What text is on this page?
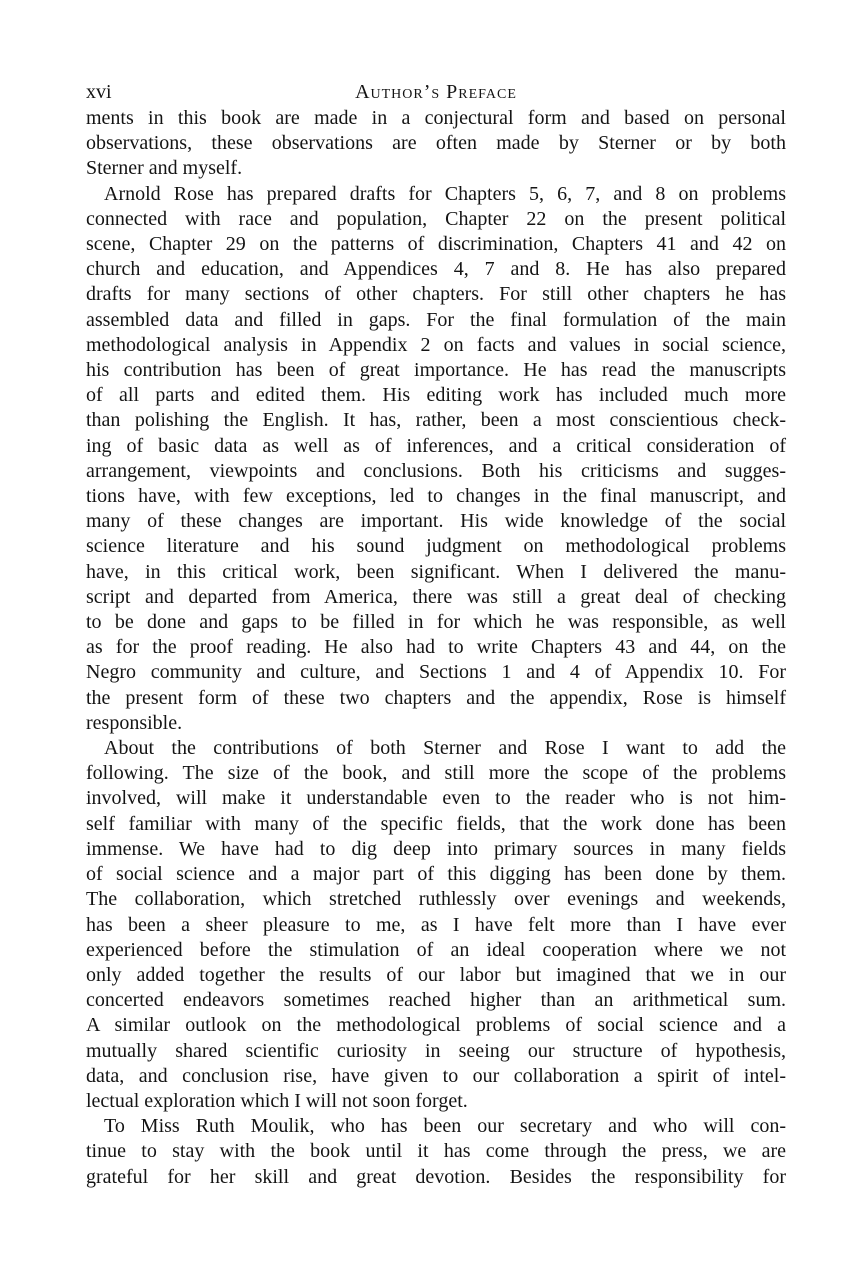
xvi	Author’s Preface
ments in this book are made in a conjectural form and based on personal
observations, these observations are often made by Sterner or by both
Sterner and myself.
Arnold Rose has prepared drafts for Chapters 5, 6, 7, and 8 on problems
connected with race and population, Chapter 22 on the present political
scene, Chapter 29 on the patterns of discrimination, Chapters 41 and 42 on
church and education, and Appendices 4, 7 and 8. He has also prepared
drafts for many sections of other chapters. For still other chapters he has
assembled data and filled in gaps. For the final formulation of the main
methodological analysis in Appendix 2 on facts and values in social science,
his contribution has been of great importance. He has read the manuscripts
of all parts and edited them. His editing work has included much more
than polishing the English. It has, rather, been a most conscientious check-
ing of basic data as well as of inferences, and a critical consideration of
arrangement, viewpoints and conclusions. Both his criticisms and sugges-
tions have, with few exceptions, led to changes in the final manuscript, and
many of these changes are important. His wide knowledge of the social
science literature and his sound judgment on methodological problems
have, in this critical work, been significant. When I delivered the manu-
script and departed from America, there was still a great deal of checking
to be done and gaps to be filled in for which he was responsible, as well
as for the proof reading. He also had to write Chapters 43 and 44, on the
Negro community and culture, and Sections 1 and 4 of Appendix 10. For
the present form of these two chapters and the appendix, Rose is himself
responsible.
About the contributions of both Sterner and Rose I want to add the
following. The size of the book, and still more the scope of the problems
involved, will make it understandable even to the reader who is not him-
self familiar with many of the specific fields, that the work done has been
immense. We have had to dig deep into primary sources in many fields
of social science and a major part of this digging has been done by them.
The collaboration, which stretched ruthlessly over evenings and weekends,
has been a sheer pleasure to me, as I have felt more than I have ever
experienced before the stimulation of an ideal cooperation where we not
only added together the results of our labor but imagined that we in our
concerted endeavors sometimes reached higher than an arithmetical sum.
A similar outlook on the methodological problems of social science and a
mutually shared scientific curiosity in seeing our structure of hypothesis,
data, and conclusion rise, have given to our collaboration a spirit of intel-
lectual exploration which I will not soon forget.
To Miss Ruth Moulik, who has been our secretary and who will con-
tinue to stay with the book until it has come through the press, we are
grateful for her skill and great devotion. Besides the responsibility for
